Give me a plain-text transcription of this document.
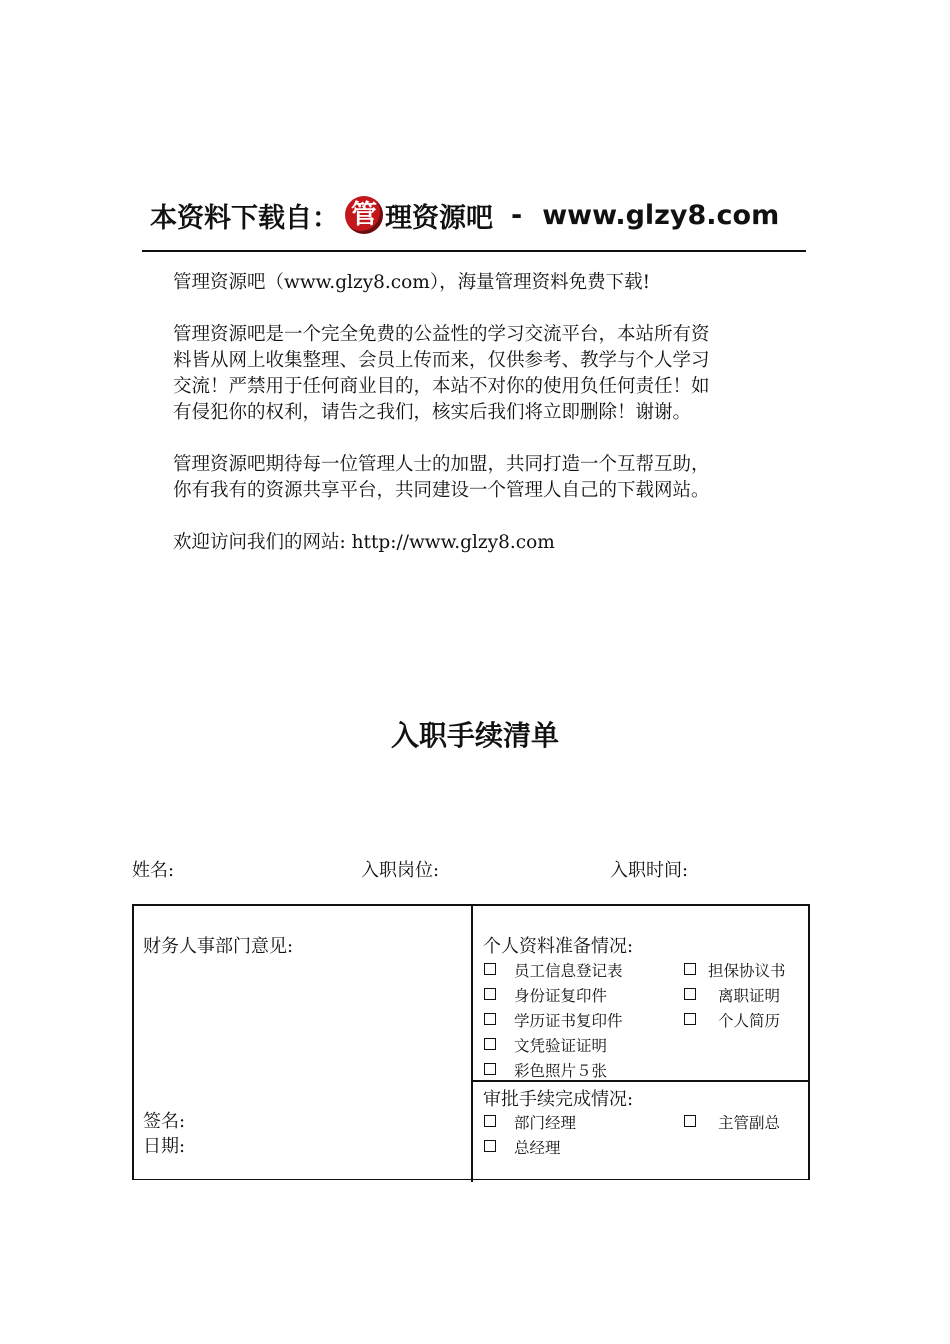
本资料下载自： 管 理资源吧 - www.glzy8.com

管理资源吧（www.glzy8.com），海量管理资料免费下载!

管理资源吧是一个完全免费的公益性的学习交流平台，本站所有资

料皆从网上收集整理、会员上传而来，仅供参考、教学与个人学习

交流！严禁用于任何商业目的，本站不对你的使用负任何责任！如

有侵犯你的权利，请告之我们，核实后我们将立即删除！谢谢。

管理资源吧期待每一位管理人士的加盟，共同打造一个互帮互助，

你有我有的资源共享平台，共同建设一个管理人自己的下载网站。

欢迎访问我们的网站: http://www.glzy8.com

入职手续清单
姓名:	入职岗位:	入职时间:
财务人事部门意见:
签名:
日期:
个人资料准备情况:
员工信息登记表
身份证复印件
学历证书复印件
文凭验证证明
彩色照片５张
担保协议书
离职证明
个人简历
审批手续完成情况:
部门经理
总经理
主管副总
